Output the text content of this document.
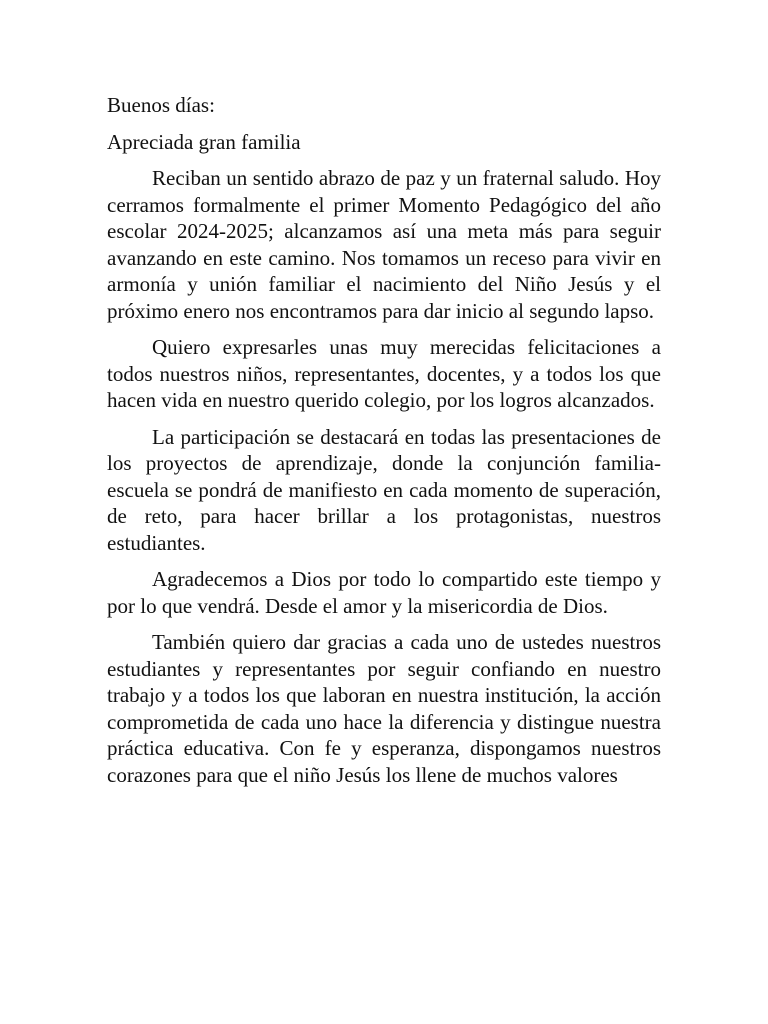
Buenos días:

Apreciada gran familia

Reciban un sentido abrazo de paz y un fraternal saludo. Hoy cerramos formalmente el primer Momento Pedagógico del año escolar 2024-2025; alcanzamos así una meta más para seguir avanzando en este camino. Nos tomamos un receso para vivir en armonía y unión familiar el nacimiento del Niño Jesús y el próximo enero nos encontramos para dar inicio al segundo lapso.

Quiero expresarles unas muy merecidas felicitaciones a todos nuestros niños, representantes, docentes, y a todos los que hacen vida en nuestro querido colegio, por los logros alcanzados.

La participación se destacará en todas las presentaciones de los proyectos de aprendizaje, donde la conjunción familia- escuela se pondrá de manifiesto en cada momento de superación, de reto, para hacer brillar a los protagonistas, nuestros estudiantes.

Agradecemos a Dios por todo lo compartido este tiempo y por lo que vendrá. Desde el amor y la misericordia de Dios.

También quiero dar gracias a cada uno de ustedes nuestros estudiantes y representantes por seguir confiando en nuestro trabajo y a todos los que laboran en nuestra institución, la acción comprometida de cada uno hace la diferencia y distingue nuestra práctica educativa. Con fe y esperanza, dispongamos nuestros corazones para que el niño Jesús los llene de muchos valores
